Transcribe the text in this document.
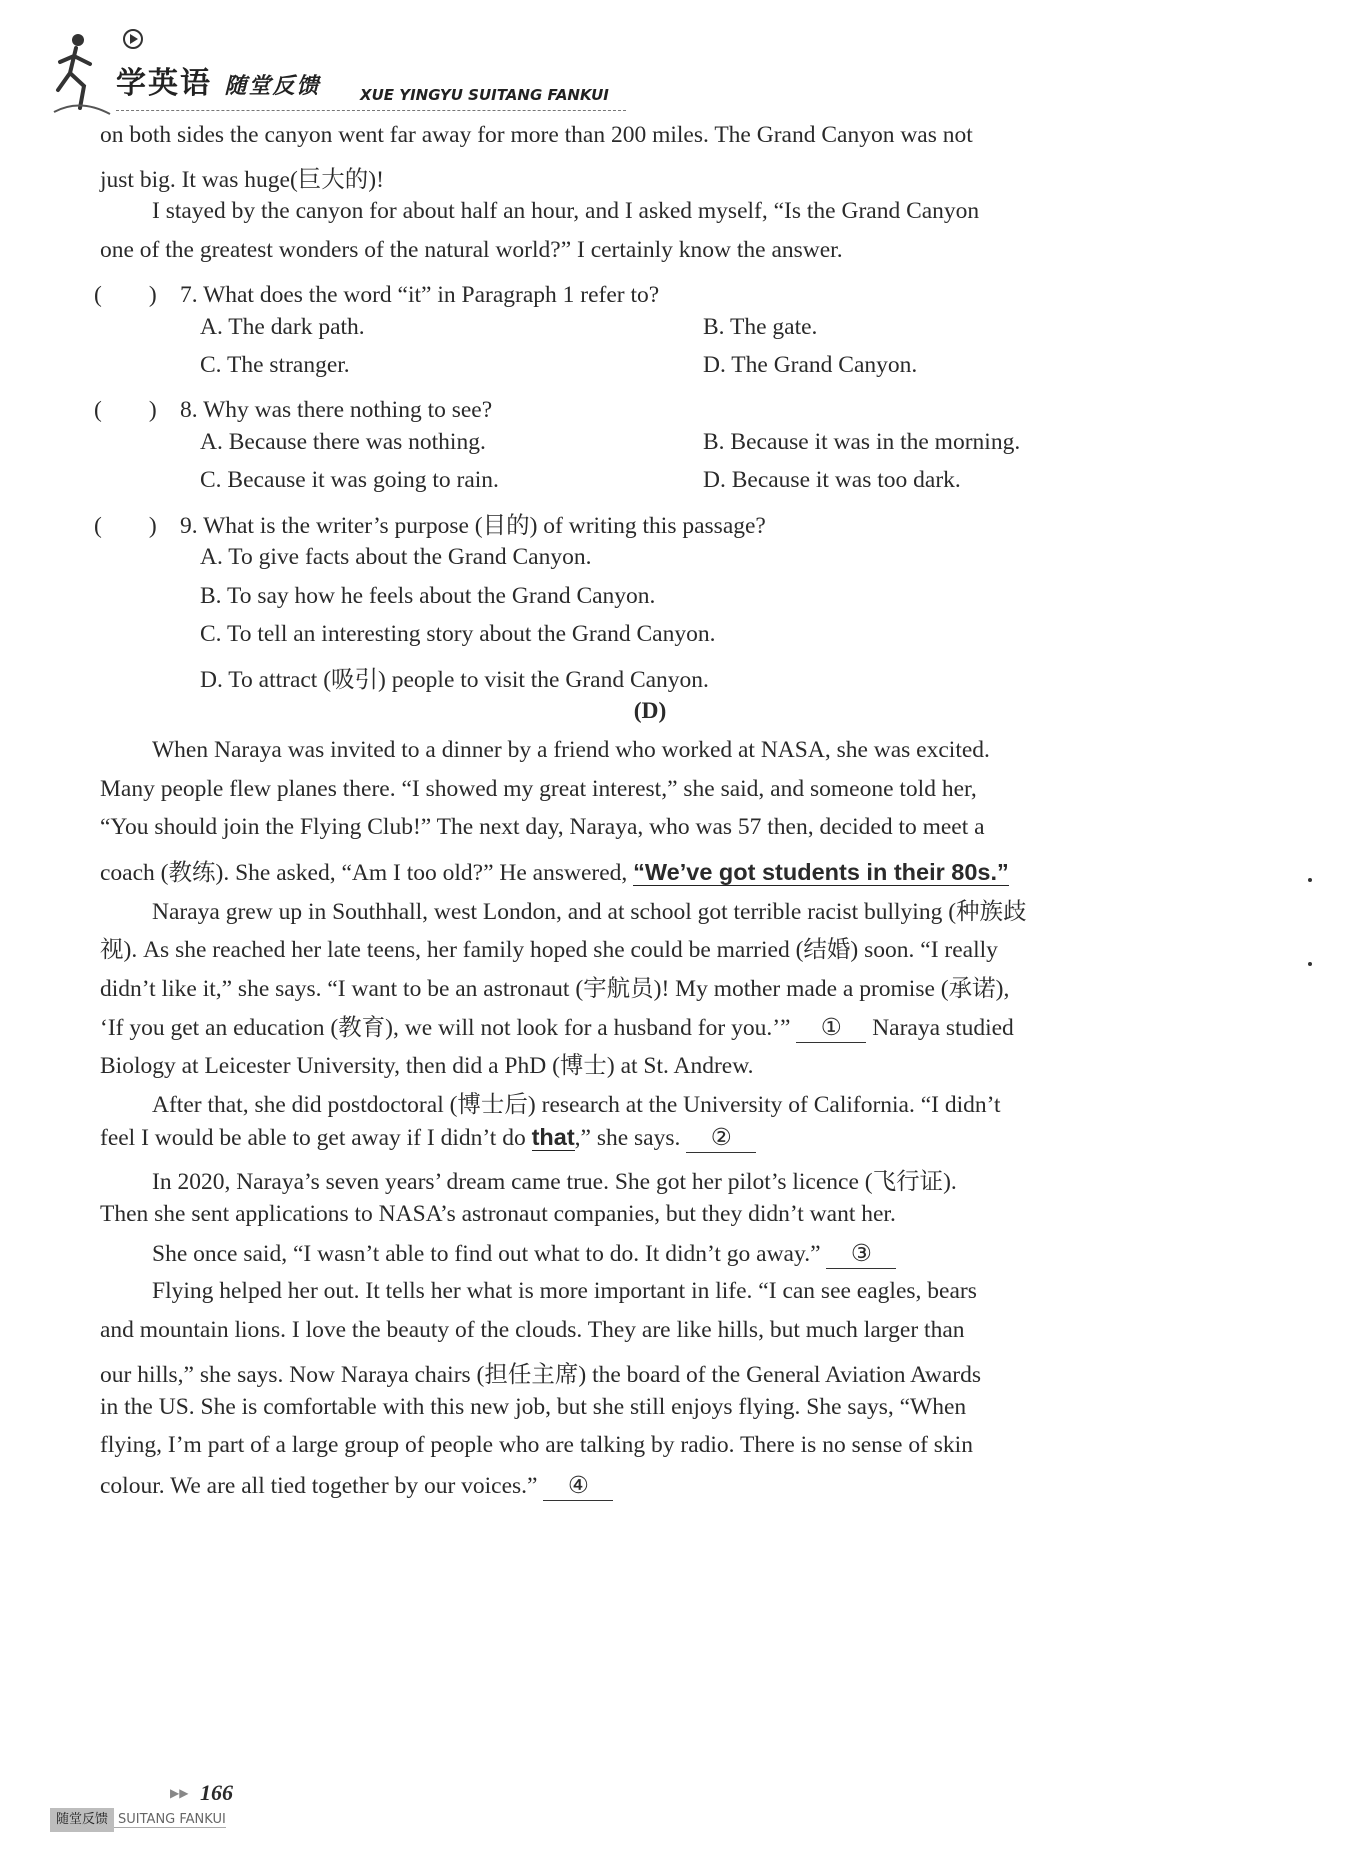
学英语 随堂反馈	XUE YINGYU SUITANG FANKUI
on both sides the canyon went far away for more than 200 miles. The Grand Canyon was not
just big. It was huge(巨大的)!
I stayed by the canyon for about half an hour, and I asked myself, “Is the Grand Canyon
one of the greatest wonders of the natural world?” I certainly know the answer.
(　　) 7. What does the word “it” in Paragraph 1 refer to?
A. The dark path.	B. The gate.
C. The stranger.	D. The Grand Canyon.
(　　) 8. Why was there nothing to see?
A. Because there was nothing.	B. Because it was in the morning.
C. Because it was going to rain.	D. Because it was too dark.
(　　) 9. What is the writer’s purpose (目的) of writing this passage?
A. To give facts about the Grand Canyon.
B. To say how he feels about the Grand Canyon.
C. To tell an interesting story about the Grand Canyon.
D. To attract (吸引) people to visit the Grand Canyon.
(D)
When Naraya was invited to a dinner by a friend who worked at NASA, she was excited.
Many people flew planes there. “I showed my great interest,” she said, and someone told her,
“You should join the Flying Club!” The next day, Naraya, who was 57 then, decided to meet a
coach (教练). She asked, “Am I too old?” He answered, “We’ve got students in their 80s.”
Naraya grew up in Southhall, west London, and at school got terrible racist bullying (种族歧
视). As she reached her late teens, her family hoped she could be married (结婚) soon. “I really
didn’t like it,” she says. “I want to be an astronaut (宇航员)! My mother made a promise (承诺),
‘If you get an education (教育), we will not look for a husband for you.’” ① Naraya studied
Biology at Leicester University, then did a PhD (博士) at St. Andrew.
After that, she did postdoctoral (博士后) research at the University of California. “I didn’t
feel I would be able to get away if I didn’t do that,” she says. ②
In 2020, Naraya’s seven years’ dream came true. She got her pilot’s licence (飞行证).
Then she sent applications to NASA’s astronaut companies, but they didn’t want her.
She once said, “I wasn’t able to find out what to do. It didn’t go away.” ③
Flying helped her out. It tells her what is more important in life. “I can see eagles, bears
and mountain lions. I love the beauty of the clouds. They are like hills, but much larger than
our hills,” she says. Now Naraya chairs (担任主席) the board of the General Aviation Awards
in the US. She is comfortable with this new job, but she still enjoys flying. She says, “When
flying, I’m part of a large group of people who are talking by radio. There is no sense of skin
colour. We are all tied together by our voices.” ④
▶▶ 166
随堂反馈 SUITANG FANKUI
